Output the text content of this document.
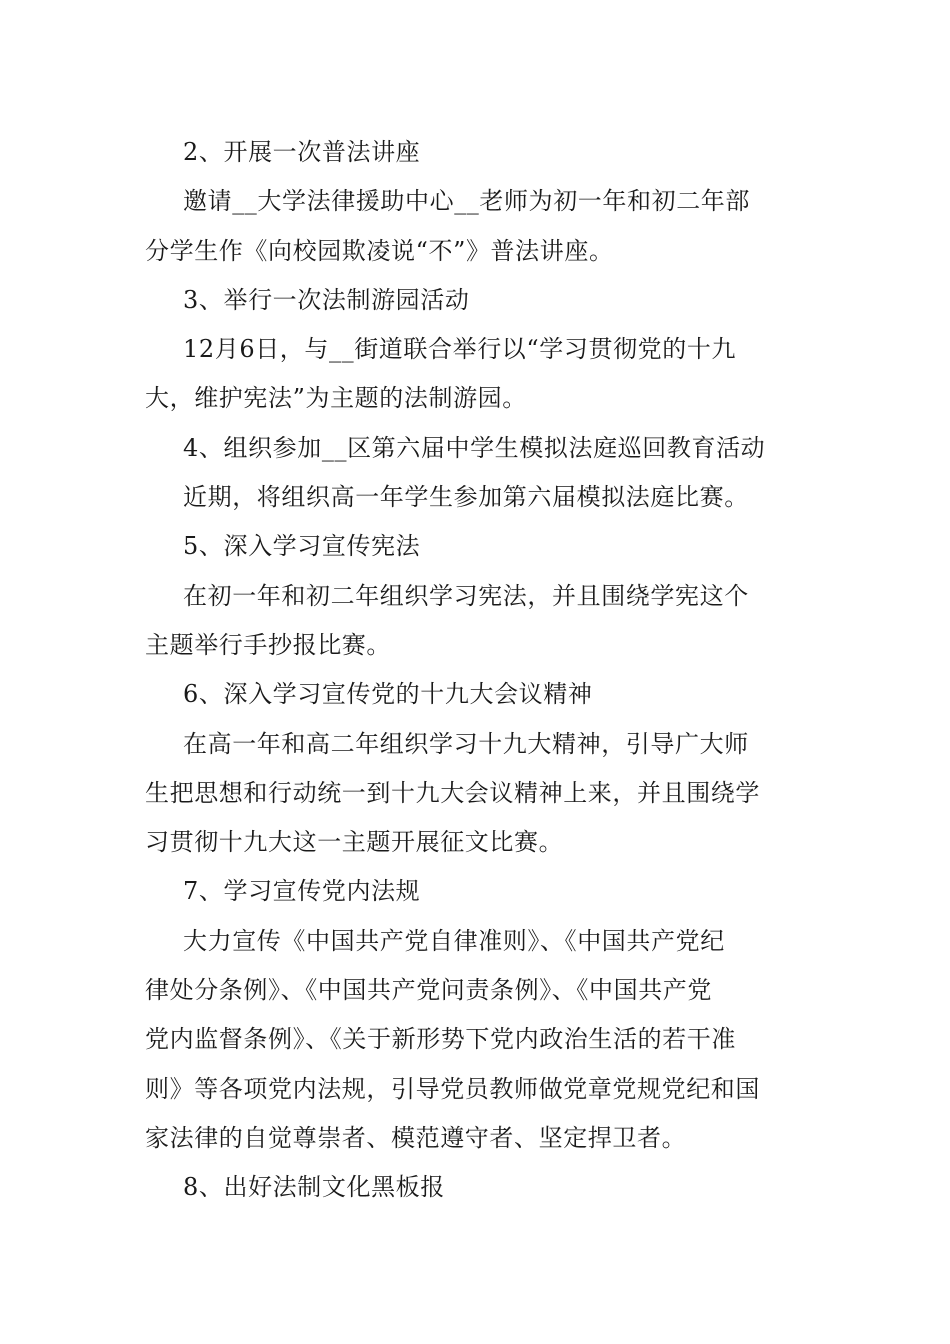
2、开展一次普法讲座
邀请__大学法律援助中心__老师为初一年和初二年部
分学生作《向校园欺凌说“不”》普法讲座。
3、举行一次法制游园活动
12月6日，与__街道联合举行以“学习贯彻党的十九
大，维护宪法”为主题的法制游园。
4、组织参加__区第六届中学生模拟法庭巡回教育活动
近期，将组织高一年学生参加第六届模拟法庭比赛。
5、深入学习宣传宪法
在初一年和初二年组织学习宪法，并且围绕学宪这个
主题举行手抄报比赛。
6、深入学习宣传党的十九大会议精神
在高一年和高二年组织学习十九大精神，引导广大师
生把思想和行动统一到十九大会议精神上来，并且围绕学
习贯彻十九大这一主题开展征文比赛。
7、学习宣传党内法规
大力宣传《中国共产党自律准则》、《中国共产党纪
律处分条例》、《中国共产党问责条例》、《中国共产党
党内监督条例》、《关于新形势下党内政治生活的若干准
则》等各项党内法规，引导党员教师做党章党规党纪和国
家法律的自觉尊崇者、模范遵守者、坚定捍卫者。
8、出好法制文化黑板报
